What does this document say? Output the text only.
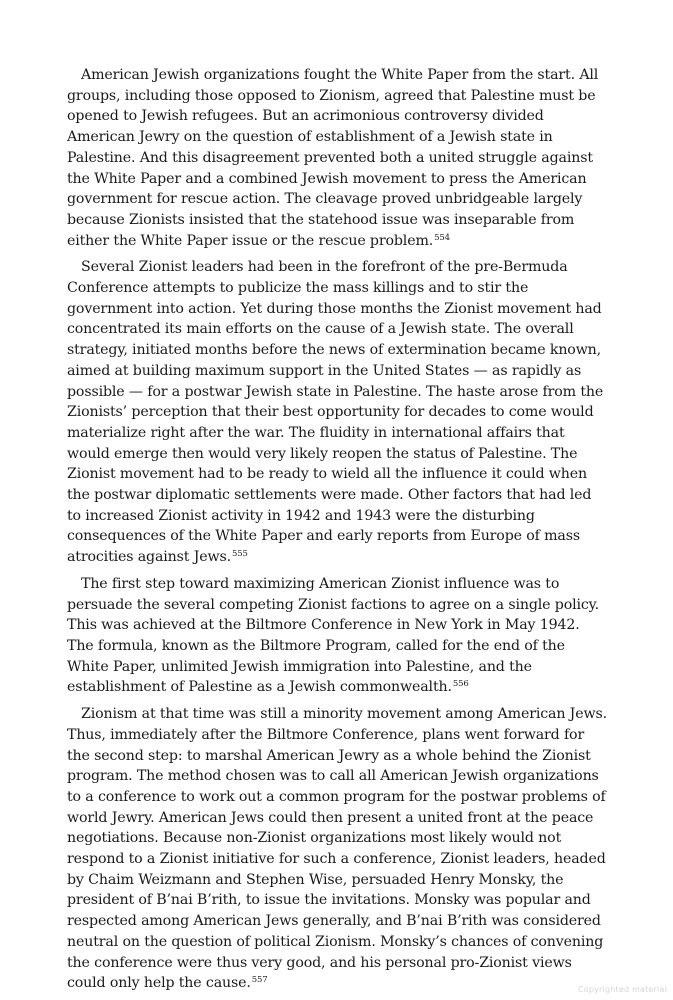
American Jewish organizations fought the White Paper from the start. All groups, including those opposed to Zionism, agreed that Palestine must be opened to Jewish refugees. But an acrimonious controversy divided American Jewry on the question of establishment of a Jewish state in Palestine. And this disagreement prevented both a united struggle against the White Paper and a combined Jewish movement to press the American government for rescue action. The cleavage proved unbridgeable largely because Zionists insisted that the statehood issue was inseparable from either the White Paper issue or the rescue problem.$^{554}$

Several Zionist leaders had been in the forefront of the pre-Bermuda Conference attempts to publicize the mass killings and to stir the government into action. Yet during those months the Zionist movement had concentrated its main efforts on the cause of a Jewish state. The overall strategy, initiated months before the news of extermination became known, aimed at building maximum support in the United States — as rapidly as possible — for a postwar Jewish state in Palestine. The haste arose from the Zionists’ perception that their best opportunity for decades to come would materialize right after the war. The fluidity in international affairs that would emerge then would very likely reopen the status of Palestine. The Zionist movement had to be ready to wield all the influence it could when the postwar diplomatic settlements were made. Other factors that had led to increased Zionist activity in 1942 and 1943 were the disturbing consequences of the White Paper and early reports from Europe of mass atrocities against Jews.$^{555}$

The first step toward maximizing American Zionist influence was to persuade the several competing Zionist factions to agree on a single policy. This was achieved at the Biltmore Conference in New York in May 1942. The formula, known as the Biltmore Program, called for the end of the White Paper, unlimited Jewish immigration into Palestine, and the establishment of Palestine as a Jewish commonwealth.$^{556}$

Zionism at that time was still a minority movement among American Jews. Thus, immediately after the Biltmore Conference, plans went forward for the second step: to marshal American Jewry as a whole behind the Zionist program. The method chosen was to call all American Jewish organizations to a conference to work out a common program for the postwar problems of world Jewry. American Jews could then present a united front at the peace negotiations. Because non-Zionist organizations most likely would not respond to a Zionist initiative for such a conference, Zionist leaders, headed by Chaim Weizmann and Stephen Wise, persuaded Henry Monsky, the president of B’nai B’rith, to issue the invitations. Monsky was popular and respected among American Jews generally, and B’nai B’rith was considered neutral on the question of political Zionism. Monsky’s chances of convening the conference were thus very good, and his personal pro-Zionist views could only help the cause.$^{557}$

Copyrighted material
